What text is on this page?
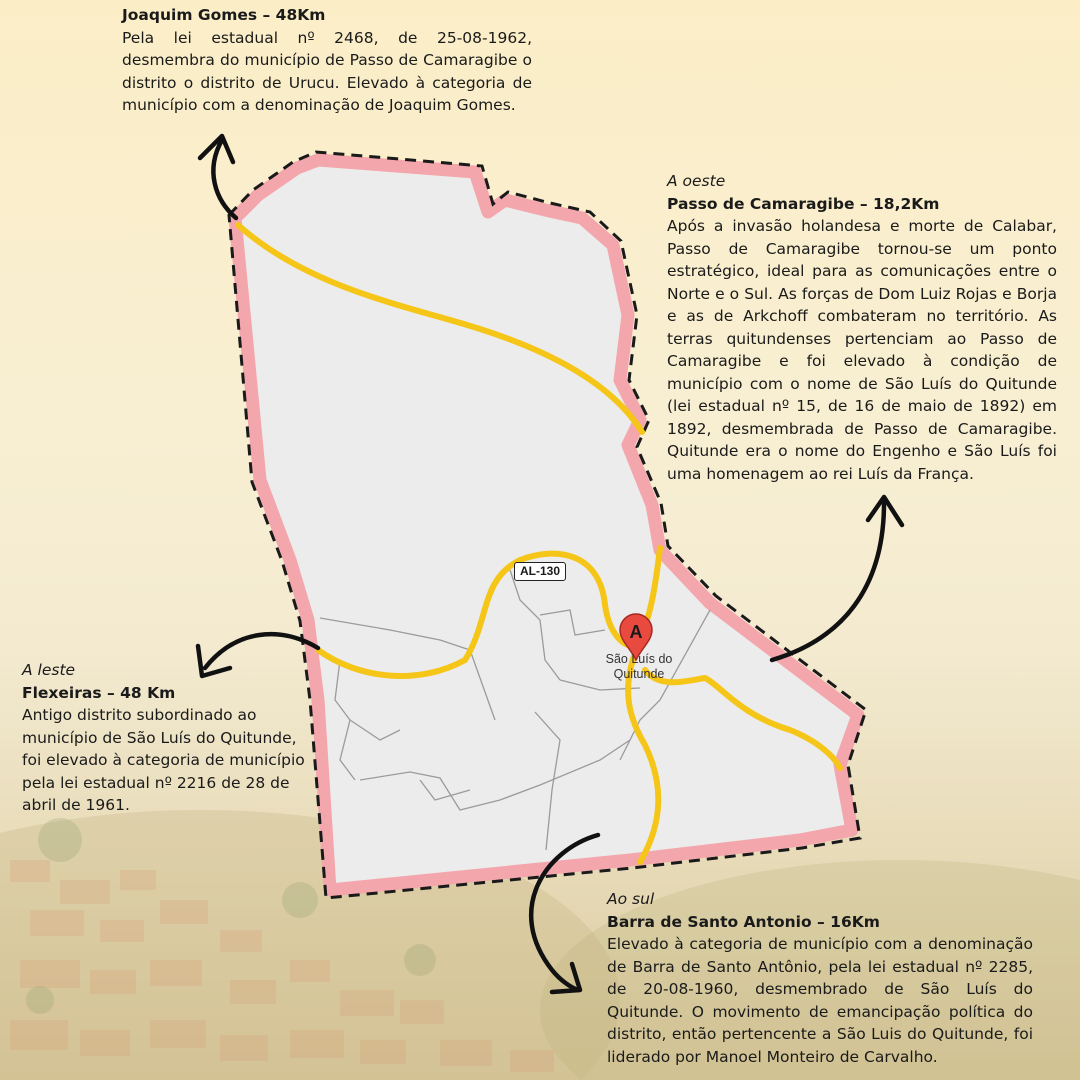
A
AL-130
São Luís do
Quitunde
Joaquim Gomes – 48Km
Pela lei estadual nº 2468, de 25-08-1962, desmembra do município de Passo de Camaragibe o distrito o distrito de Urucu. Elevado à categoria de município com a denominação de Joaquim Gomes.
A oeste
Passo de Camaragibe – 18,2Km
Após a invasão holandesa e morte de Calabar, Passo de Camaragibe tornou-se um ponto estratégico, ideal para as comunicações entre o Norte e o Sul. As forças de Dom Luiz Rojas e Borja e as de Arkchoff combateram no território. As terras quitundenses pertenciam ao Passo de Camaragibe e foi elevado à condição de município com o nome de São Luís do Quitunde (lei estadual nº 15, de 16 de maio de 1892) em 1892, desmembrada de Passo de Camaragibe. Quitunde era o nome do Engenho e São Luís foi uma homenagem ao rei Luís da França.
A leste
Flexeiras – 48 Km
Antigo distrito subordinado ao município de São Luís do Quitunde, foi elevado à categoria de município pela lei estadual nº 2216 de 28 de abril de 1961.
Ao sul
Barra de Santo Antonio – 16Km
Elevado à categoria de município com a denominação de Barra de Santo Antônio, pela lei estadual nº 2285, de 20-08-1960, desmembrado de São Luís do Quitunde. O movimento de emancipação política do distrito, então pertencente a São Luis do Quitunde, foi liderado por Manoel Monteiro de Carvalho.
